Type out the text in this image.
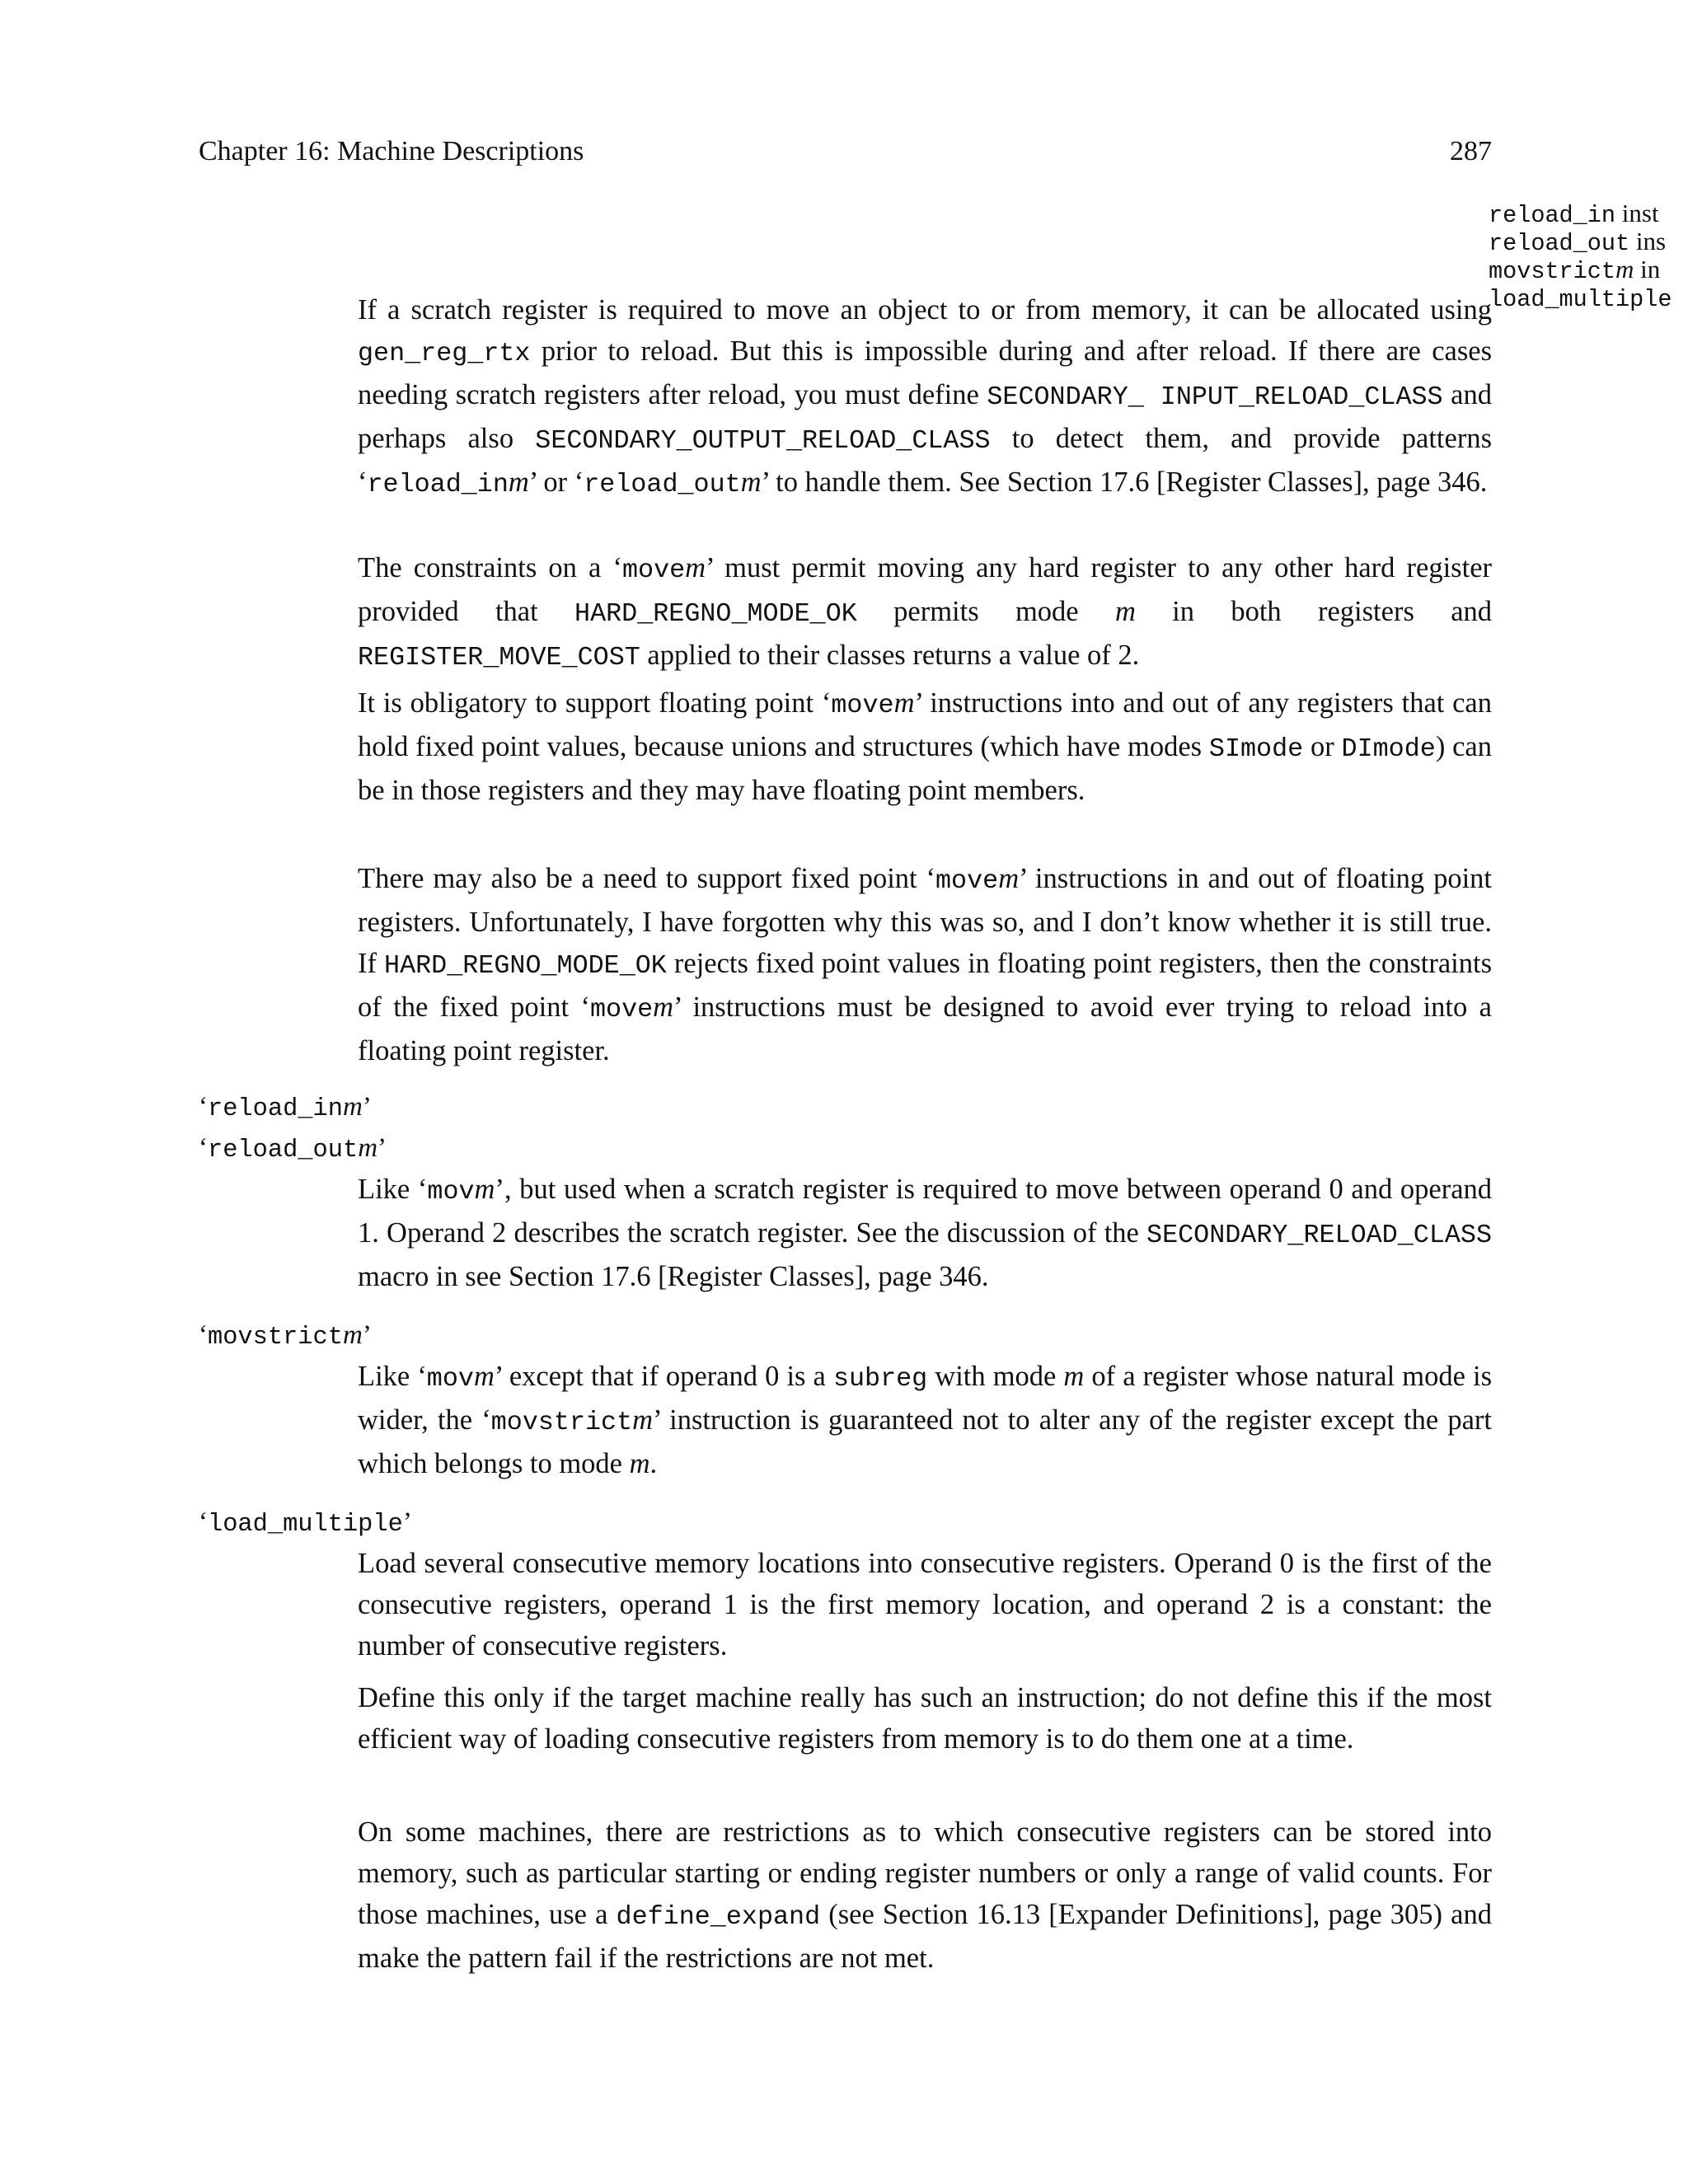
Chapter 16: Machine Descriptions	287
reload_in inst
reload_out ins
movstrictm in
load_multiple
If a scratch register is required to move an object to or from memory, it can be allocated using gen_reg_rtx prior to reload. But this is impossible during and after reload. If there are cases needing scratch registers after reload, you must define SECONDARY_ INPUT_RELOAD_CLASS and perhaps also SECONDARY_OUTPUT_RELOAD_CLASS to detect them, and provide patterns ‘reload_inm’ or ‘reload_outm’ to handle them. See Section 17.6 [Register Classes], page 346.
The constraints on a ‘movem’ must permit moving any hard register to any other hard register provided that HARD_REGNO_MODE_OK permits mode m in both registers and REGISTER_MOVE_COST applied to their classes returns a value of 2.
It is obligatory to support floating point ‘movem’ instructions into and out of any registers that can hold fixed point values, because unions and structures (which have modes SImode or DImode) can be in those registers and they may have floating point members.
There may also be a need to support fixed point ‘movem’ instructions in and out of floating point registers. Unfortunately, I have forgotten why this was so, and I don’t know whether it is still true. If HARD_REGNO_MODE_OK rejects fixed point values in floating point registers, then the constraints of the fixed point ‘movem’ instructions must be designed to avoid ever trying to reload into a floating point register.
‘reload_inm’
‘reload_outm’
Like ‘movm’, but used when a scratch register is required to move between operand 0 and operand 1. Operand 2 describes the scratch register. See the discussion of the SECONDARY_RELOAD_CLASS macro in see Section 17.6 [Register Classes], page 346.
‘movstrictm’
Like ‘movm’ except that if operand 0 is a subreg with mode m of a register whose natural mode is wider, the ‘movstrictm’ instruction is guaranteed not to alter any of the register except the part which belongs to mode m.
‘load_multiple’
Load several consecutive memory locations into consecutive registers. Operand 0 is the first of the consecutive registers, operand 1 is the first memory location, and operand 2 is a constant: the number of consecutive registers.
Define this only if the target machine really has such an instruction; do not define this if the most efficient way of loading consecutive registers from memory is to do them one at a time.
On some machines, there are restrictions as to which consecutive registers can be stored into memory, such as particular starting or ending register numbers or only a range of valid counts. For those machines, use a define_expand (see Section 16.13 [Expander Definitions], page 305) and make the pattern fail if the restrictions are not met.
